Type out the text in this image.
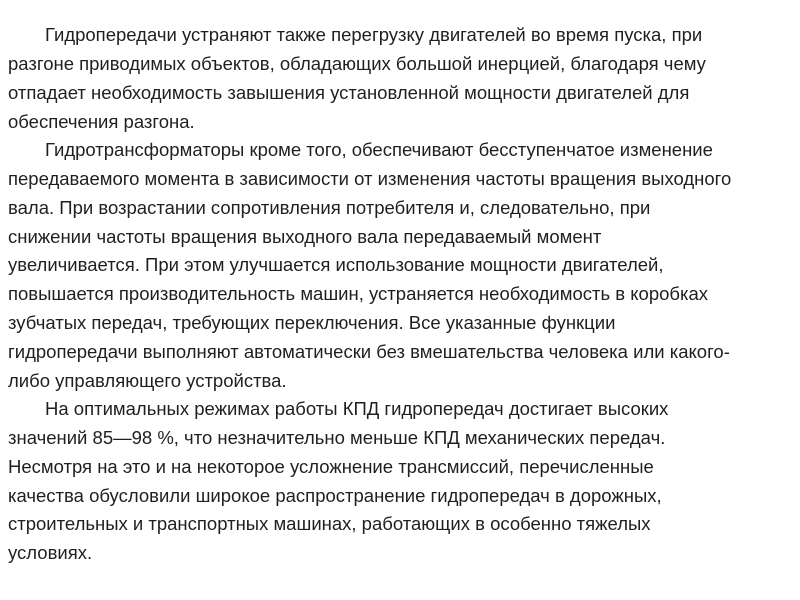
Гидропередачи устраняют также перегрузку двигателей во время пуска, при
разгоне приводимых объектов, обладающих большой инерцией, благодаря чему
отпадает необходимость завышения установленной мощности двигателей для
обеспечения разгона.
Гидротрансформаторы кроме того, обеспечивают бесступенчатое изменение
передаваемого момента в зависимости от изменения частоты вращения выходного
вала. При возрастании сопротивления потребителя и, следовательно, при
снижении частоты вращения выходного вала передаваемый момент
увеличивается. При этом улучшается использование мощности двигателей,
повышается производительность машин, устраняется необходимость в коробках
зубчатых передач, требующих переключения. Все указанные функции
гидропередачи выполняют автоматически без вмешательства человека или какого-
либо управляющего устройства.
На оптимальных режимах работы КПД гидропередач достигает высоких
значений 85—98 %, что незначительно меньше КПД механических передач.
Несмотря на это и на некоторое усложнение трансмиссий, перечисленные
качества обусловили широкое распространение гидропередач в дорожных,
строительных и транспортных машинах, работающих в особенно тяжелых
условиях.
